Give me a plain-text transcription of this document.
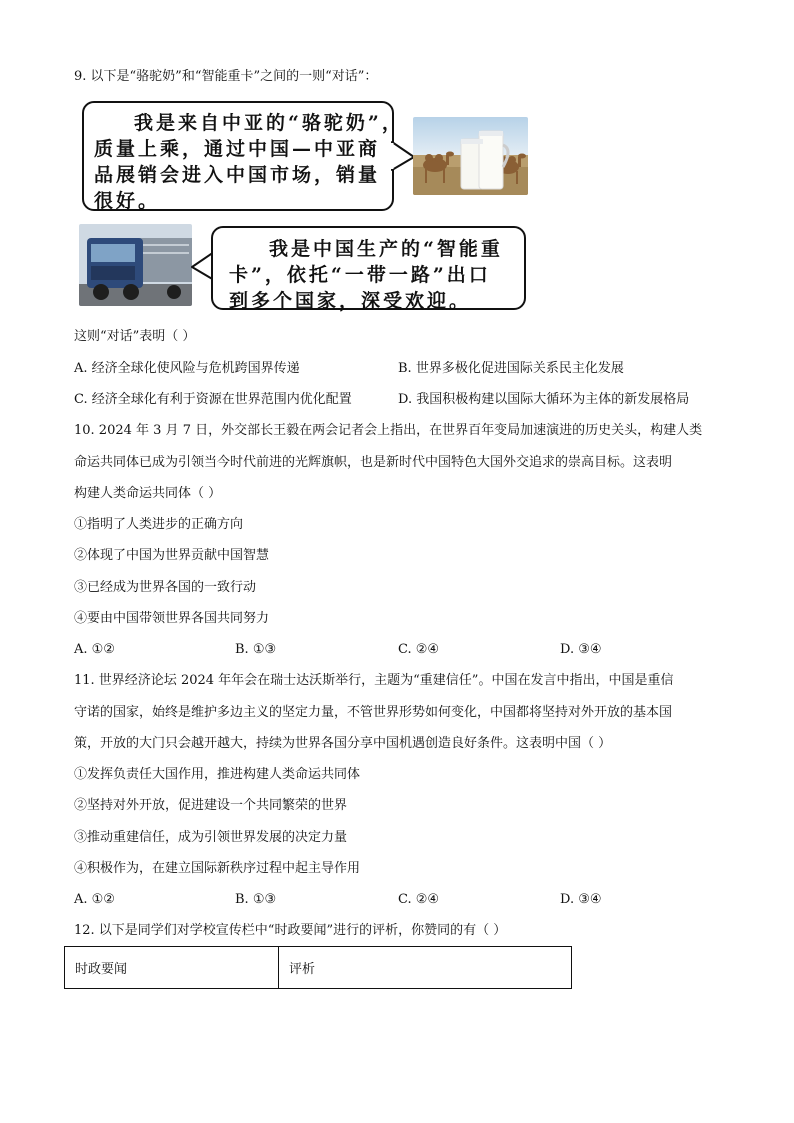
9. 以下是“骆驼奶”和“智能重卡”之间的一则“对话”：
我是来自中亚的“骆驼奶”，
质量上乘，通过中国—中亚商
品展销会进入中国市场，销量
很好。
我是中国生产的“智能重
卡”，依托“一带一路”出口
到多个国家，深受欢迎。
这则“对话”表明（ ）
A. 经济全球化使风险与危机跨国界传递	B. 世界多极化促进国际关系民主化发展
C. 经济全球化有利于资源在世界范围内优化配置	D. 我国积极构建以国际大循环为主体的新发展格局
10. 2024 年 3 月 7 日，外交部长王毅在两会记者会上指出，在世界百年变局加速演进的历史关头，构建人类
命运共同体已成为引领当今时代前进的光辉旗帜，也是新时代中国特色大国外交追求的崇高目标。这表明
构建人类命运共同体（ ）
①指明了人类进步的正确方向
②体现了中国为世界贡献中国智慧
③已经成为世界各国的一致行动
④要由中国带领世界各国共同努力
A. ①②	B. ①③	C. ②④	D. ③④
11. 世界经济论坛 2024 年年会在瑞士达沃斯举行，主题为“重建信任”。中国在发言中指出，中国是重信
守诺的国家，始终是维护多边主义的坚定力量，不管世界形势如何变化，中国都将坚持对外开放的基本国
策，开放的大门只会越开越大，持续为世界各国分享中国机遇创造良好条件。这表明中国（ ）
①发挥负责任大国作用，推进构建人类命运共同体
②坚持对外开放，促进建设一个共同繁荣的世界
③推动重建信任，成为引领世界发展的决定力量
④积极作为，在建立国际新秩序过程中起主导作用
A. ①②	B. ①③	C. ②④	D. ③④
12. 以下是同学们对学校宣传栏中“时政要闻”进行的评析，你赞同的有（ ）
时政要闻	评析
